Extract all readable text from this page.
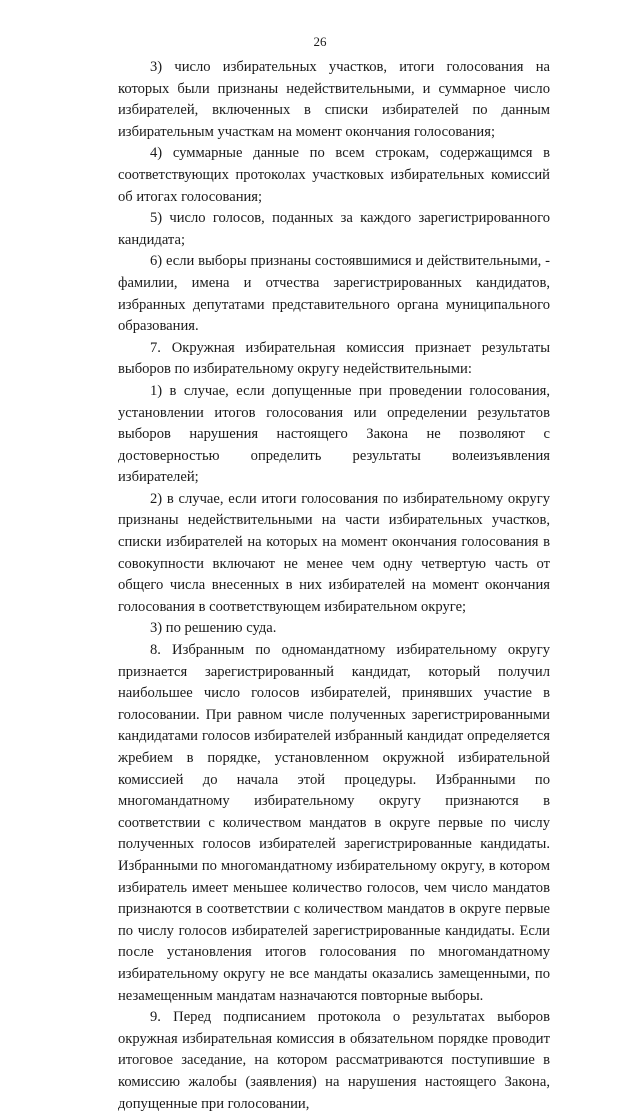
26

3) число избирательных участков, итоги голосования на которых были признаны недействительными, и суммарное число избирателей, включенных в списки избирателей по данным избирательным участкам на момент окончания голосования;

4) суммарные данные по всем строкам, содержащимся в соответствующих протоколах участковых избирательных комиссий об итогах голосования;

5) число голосов, поданных за каждого зарегистрированного кандидата;

6) если выборы признаны состоявшимися и действительными, - фамилии, имена и отчества зарегистрированных кандидатов, избранных депутатами представительного органа муниципального образования.

7. Окружная избирательная комиссия признает результаты выборов по избирательному округу недействительными:

1) в случае, если допущенные при проведении голосования, установлении итогов голосования или определении результатов выборов нарушения настоящего Закона не позволяют с достоверностью определить результаты волеизъявления избирателей;

2) в случае, если итоги голосования по избирательному округу признаны недействительными на части избирательных участков, списки избирателей на которых на момент окончания голосования в совокупности включают не менее чем одну четвертую часть от общего числа внесенных в них избирателей на момент окончания голосования в соответствующем избирательном округе;

3) по решению суда.

8. Избранным по одномандатному избирательному округу признается зарегистрированный кандидат, который получил наибольшее число голосов избирателей, принявших участие в голосовании. При равном числе полученных зарегистрированными кандидатами голосов избирателей избранный кандидат определяется жребием в порядке, установленном окружной избирательной комиссией до начала этой процедуры. Избранными по многомандатному избирательному округу признаются в соответствии с количеством мандатов в округе первые по числу полученных голосов избирателей зарегистрированные кандидаты. Избранными по многомандатному избирательному округу, в котором избиратель имеет меньшее количество голосов, чем число мандатов признаются в соответствии с количеством мандатов в округе первые по числу голосов избирателей зарегистрированные кандидаты. Если после установления итогов голосования по многомандатному избирательному округу не все мандаты оказались замещенными, по незамещенным мандатам назначаются повторные выборы.

9. Перед подписанием протокола о результатах выборов окружная избирательная комиссия в обязательном порядке проводит итоговое заседание, на котором рассматриваются поступившие в комиссию жалобы (заявления) на нарушения настоящего Закона, допущенные при голосовании,
